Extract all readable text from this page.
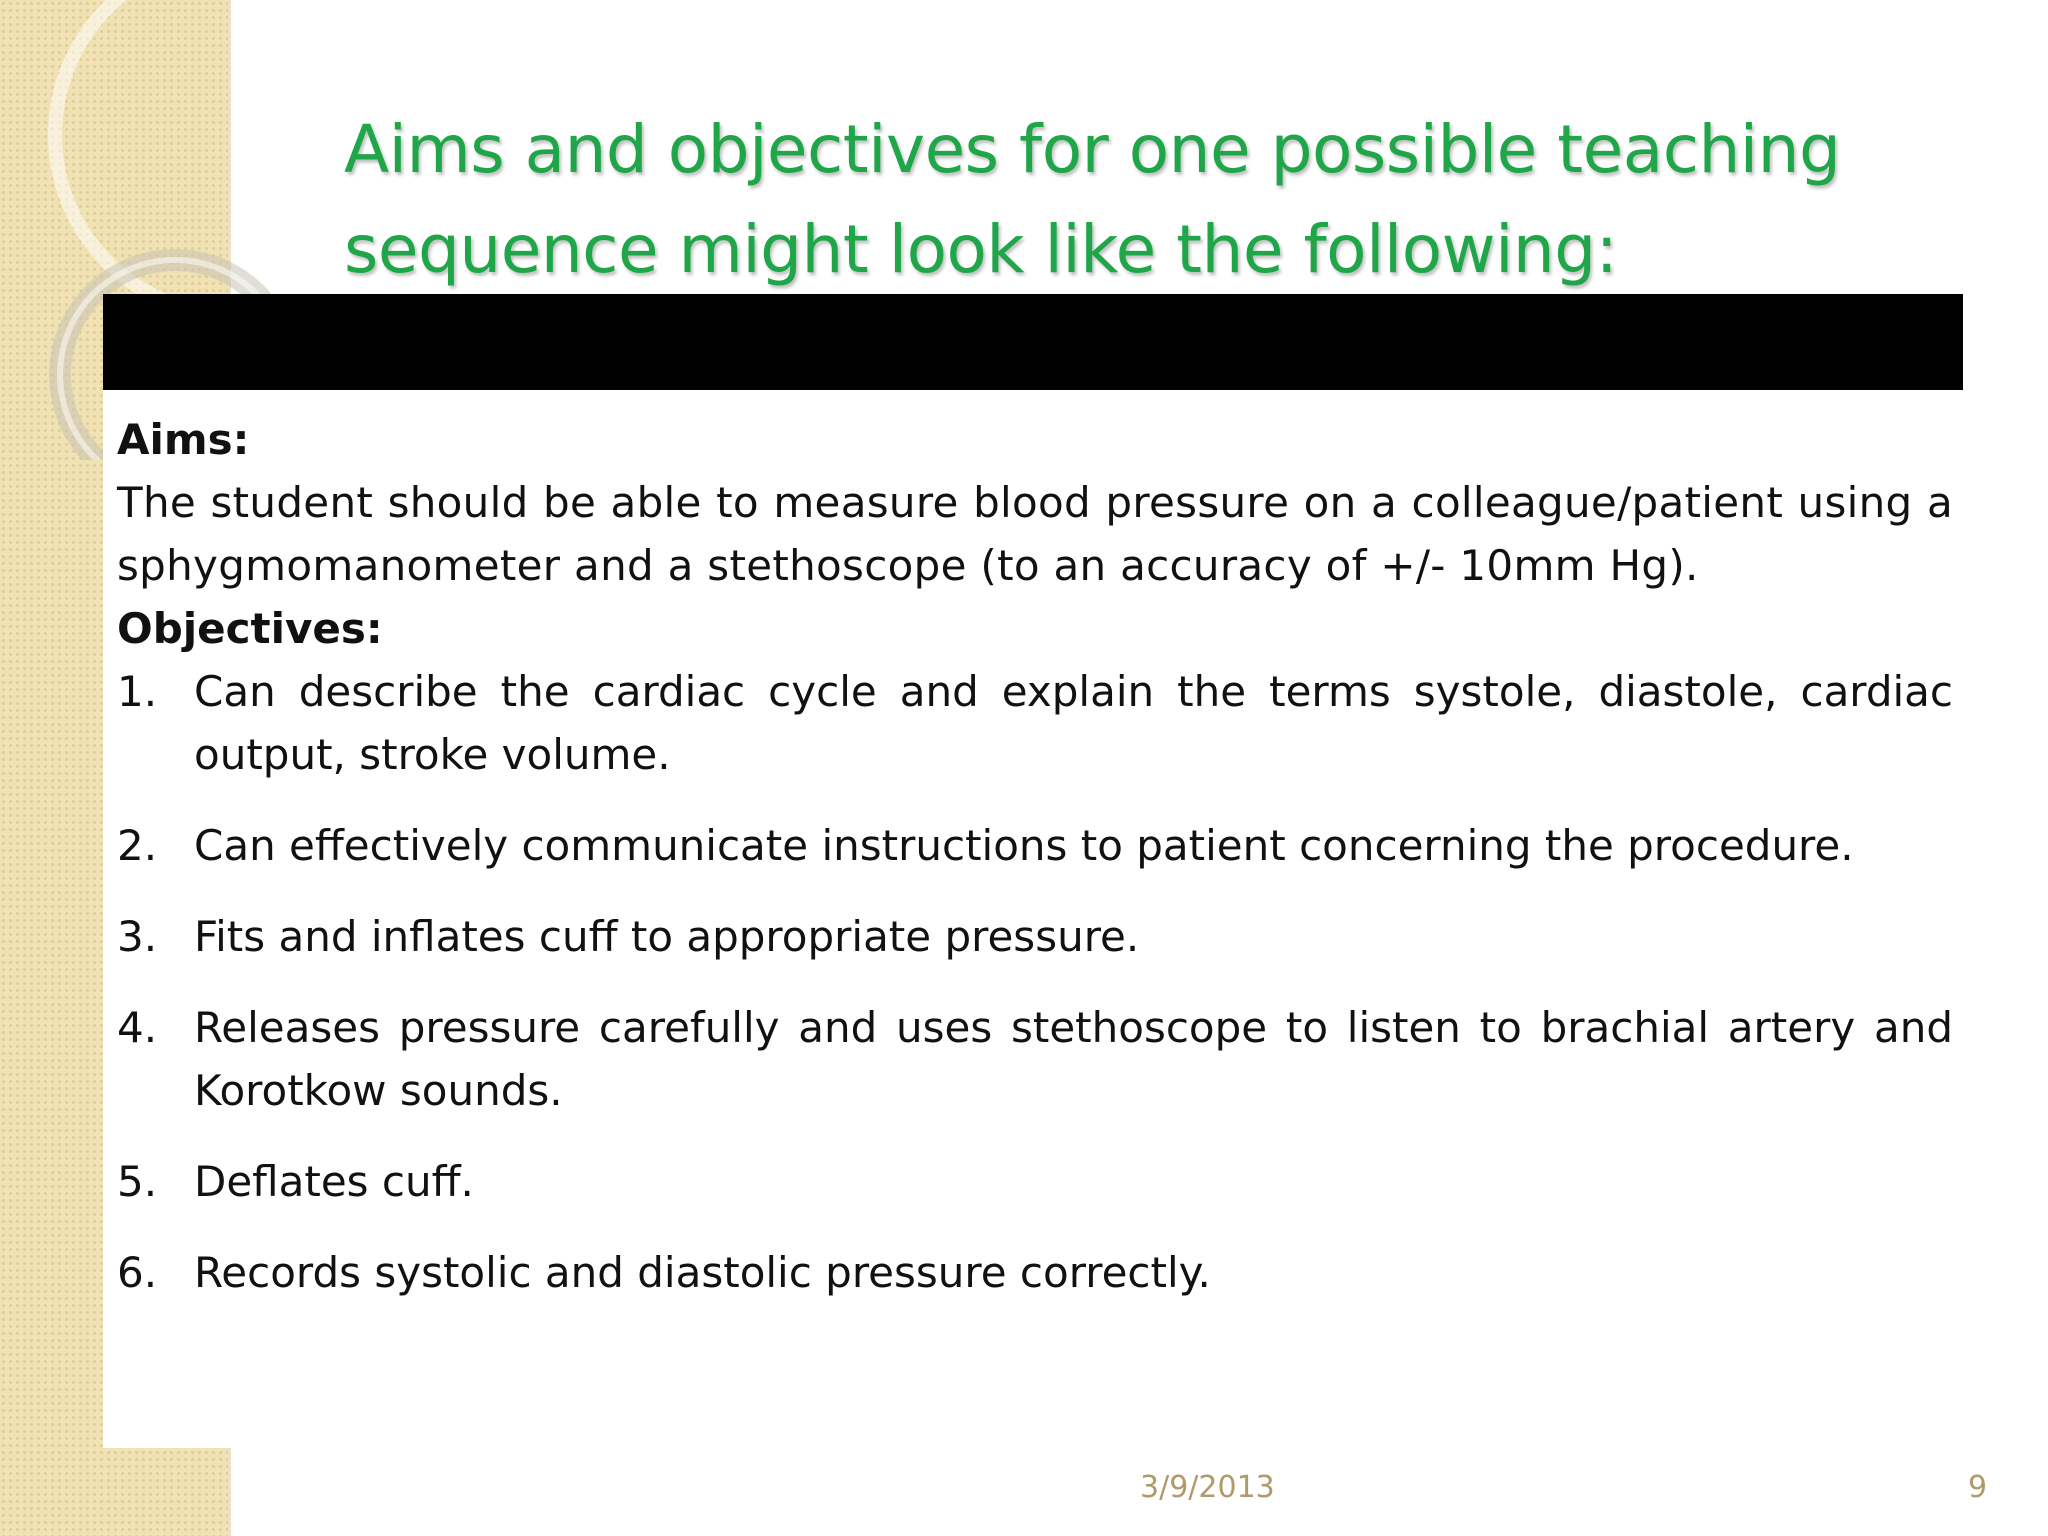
Aims and objectives for one possible teaching
sequence might look like the following:

Aims:

The student should be able to measure blood pressure on a colleague/patient using a sphygmomanometer and a stethoscope (to an accuracy of +/- 10mm Hg).

Objectives:

1. Can describe the cardiac cycle and explain the terms systole, diastole, cardiac output, stroke volume.
2. Can effectively communicate instructions to patient concerning the procedure.
3. Fits and inflates cuff to appropriate pressure.
4. Releases pressure carefully and uses stethoscope to listen to brachial artery and Korotkow sounds.
5. Deflates cuff.
6. Records systolic and diastolic pressure correctly.
3/9/2013	9
